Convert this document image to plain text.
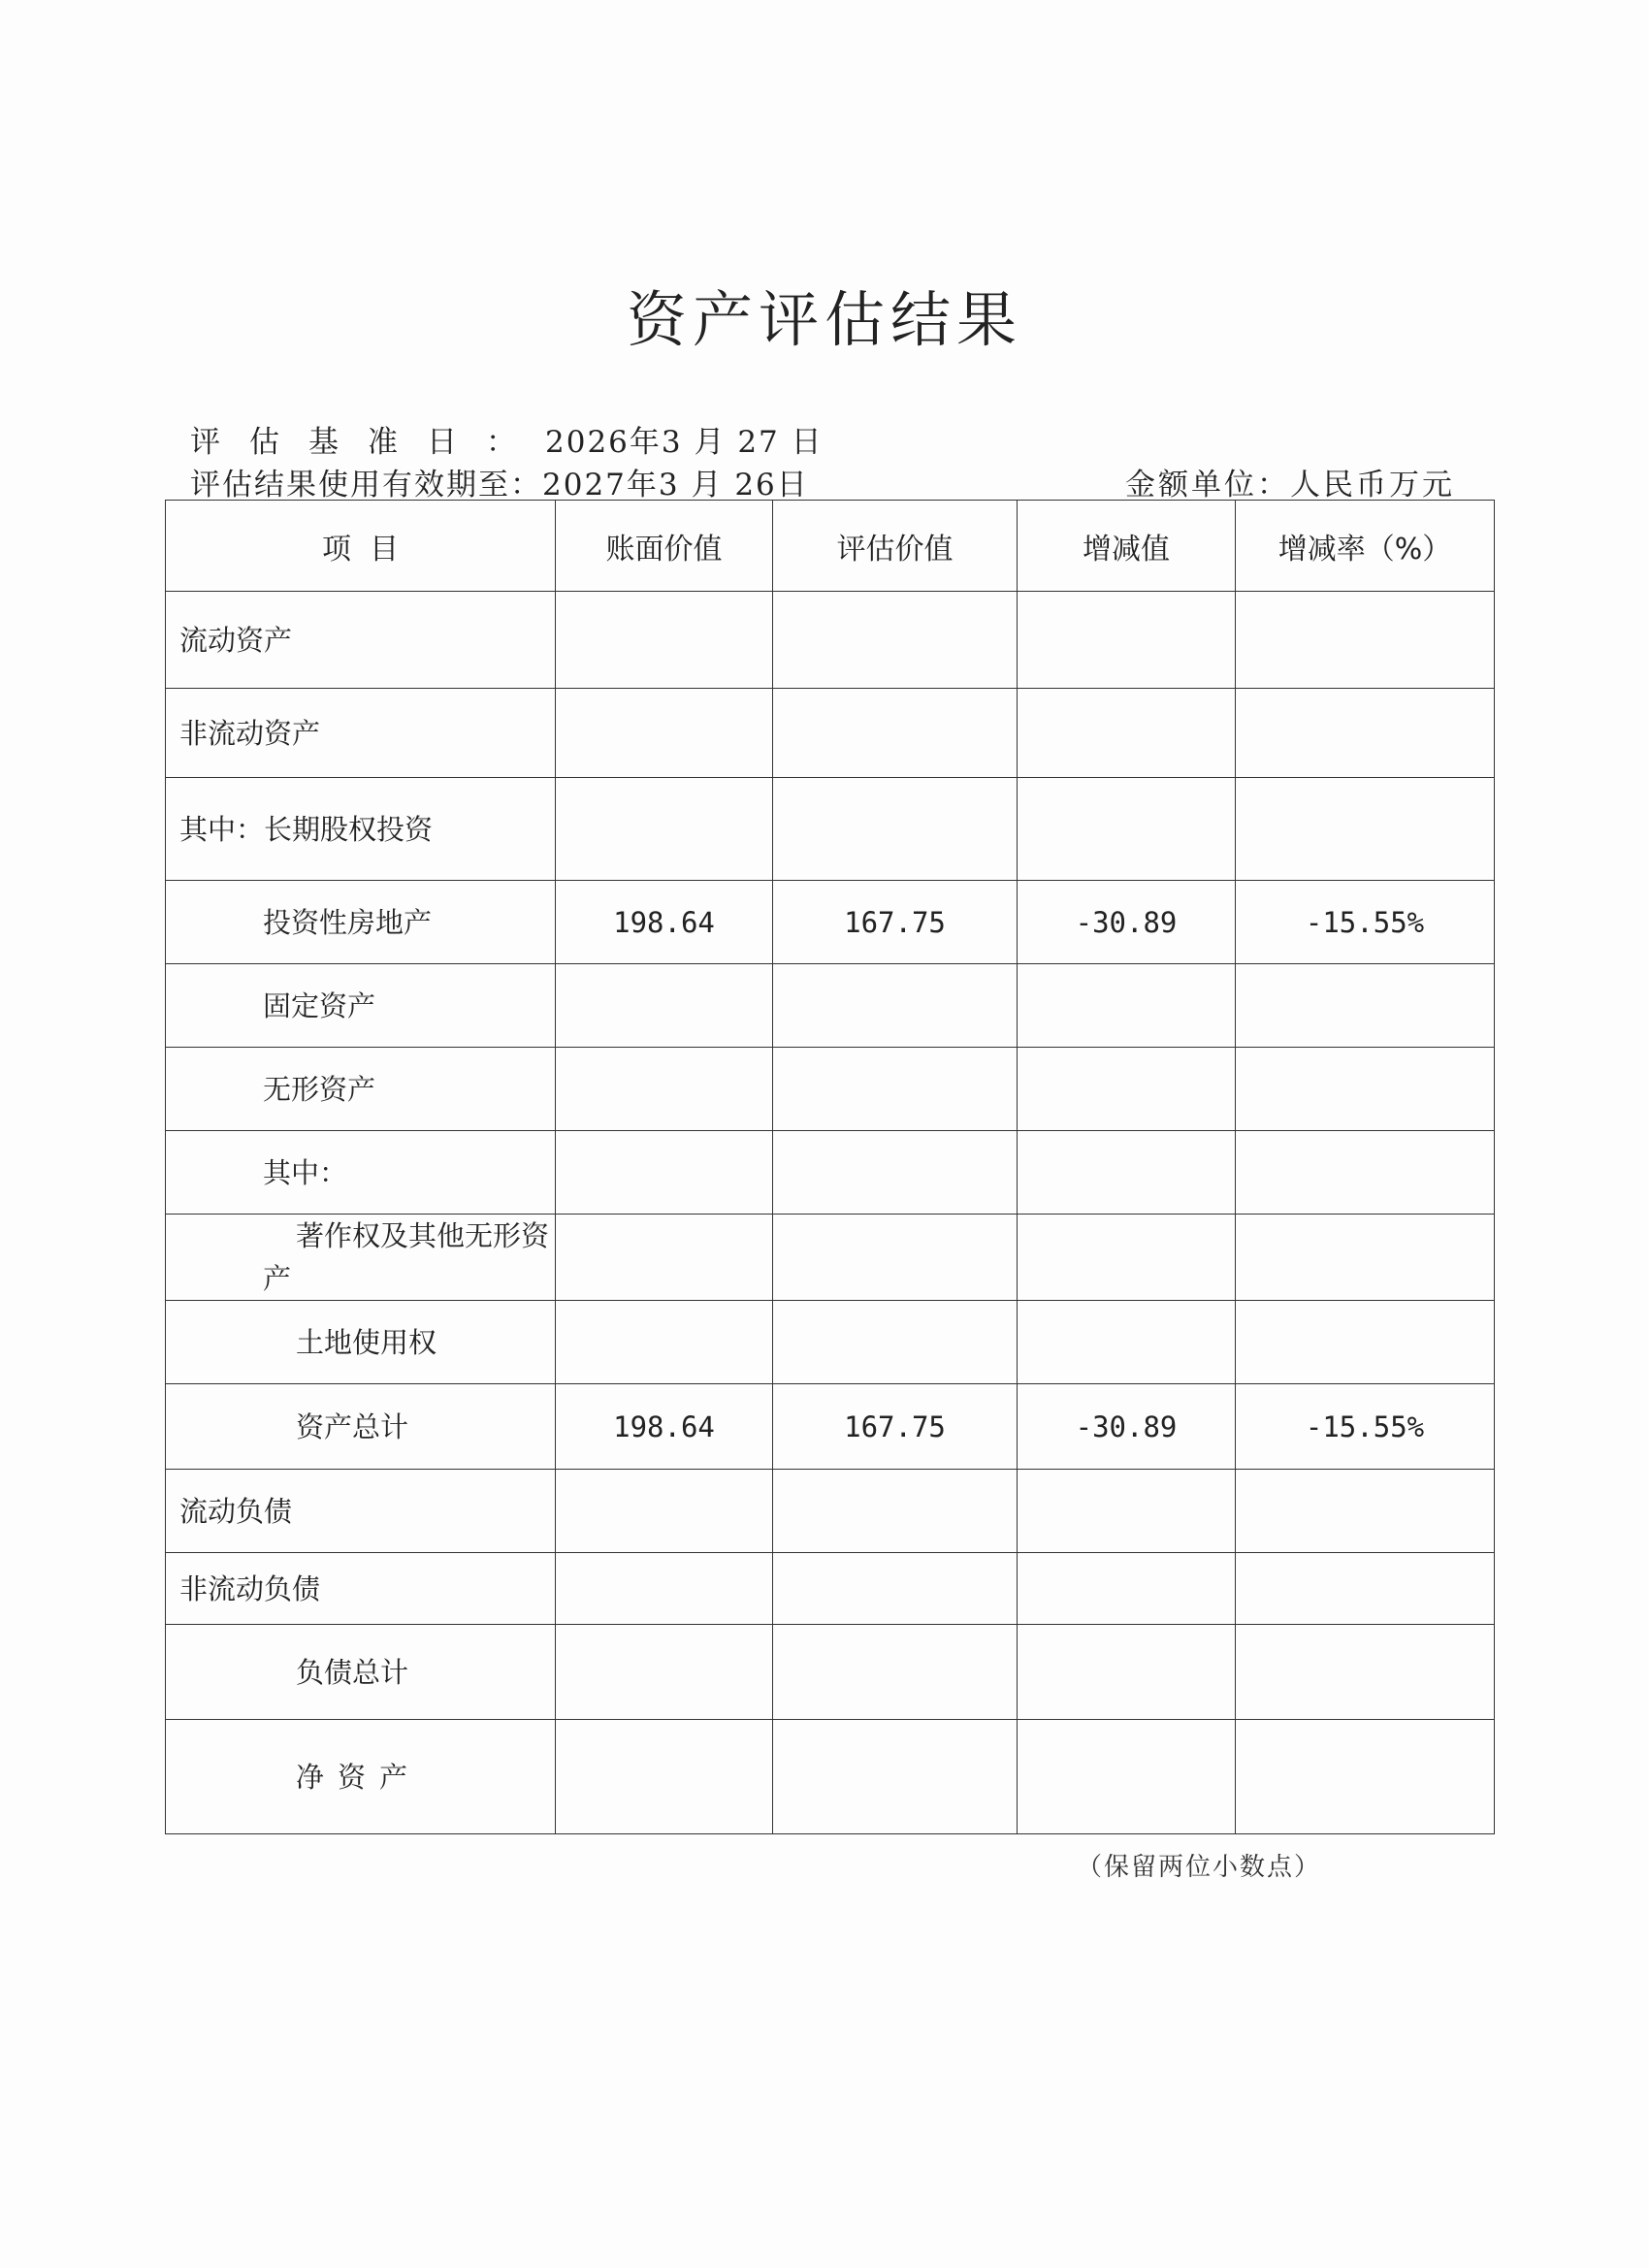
资产评估结果
评估基准日：2026年3 月 27 日
评估结果使用有效期至：2027年3 月 26日	金额单位：人民币万元
项  目	账面价值	评估价值	增减值	增减率（%）
流动资产				
非流动资产				
其中：长期股权投资				
投资性房地产	198.64	167.75	-30.89	-15.55%
固定资产				
无形资产				
其中：				
著作权及其他无形资产				
土地使用权				
资产总计	198.64	167.75	-30.89	-15.55%
流动负债				
非流动负债				
负债总计				
净资产				
（保留两位小数点）
